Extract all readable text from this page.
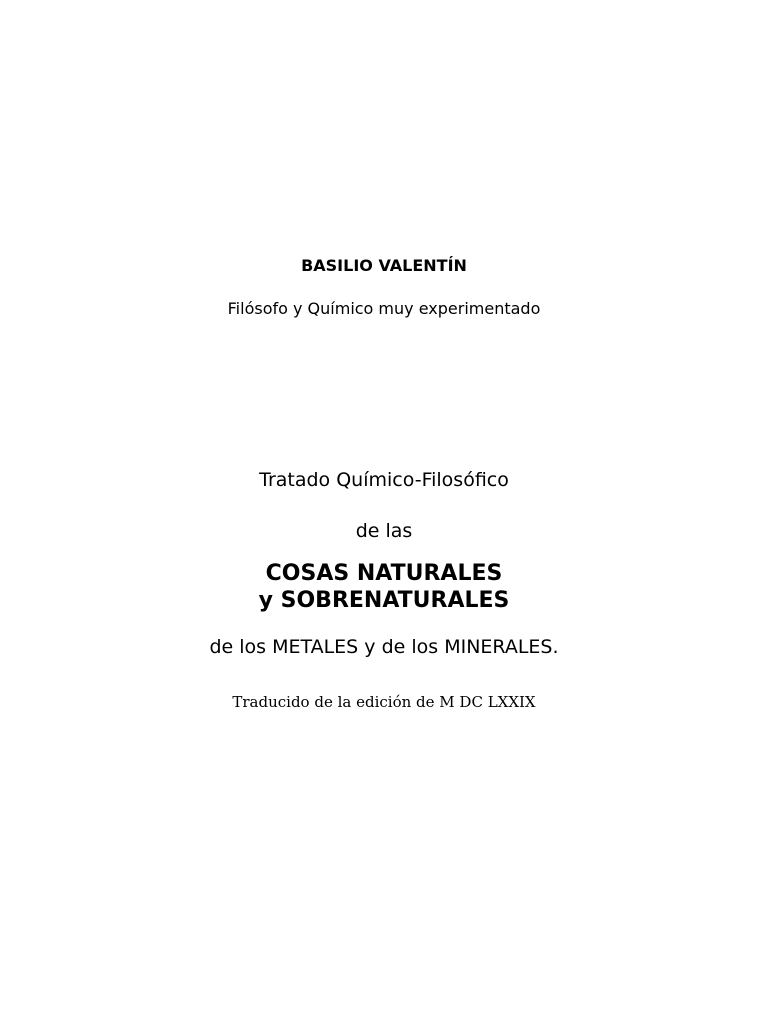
BASILIO VALENTÍN
Filósofo y Químico muy experimentado
Tratado Químico-Filosófico
de las
COSAS NATURALES
y SOBRENATURALES
de los METALES y de los MINERALES.
Traducido de la edición de M DC LXXIX
